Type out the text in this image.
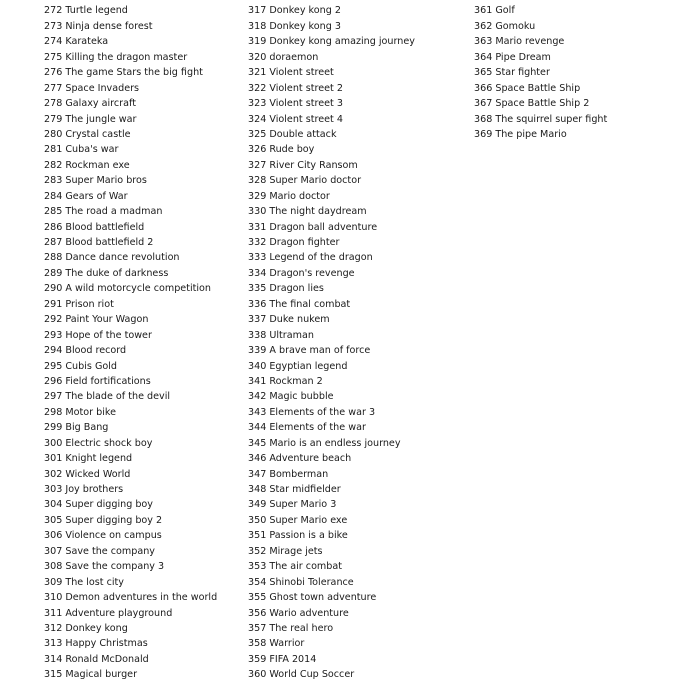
272 Turtle legend
273 Ninja dense forest
274 Karateka
275 Killing the dragon master
276 The game Stars the big fight
277 Space Invaders
278 Galaxy aircraft
279 The jungle war
280 Crystal castle
281 Cuba's war
282 Rockman exe
283 Super Mario bros
284 Gears of War
285 The road a madman
286 Blood battlefield
287 Blood battlefield 2
288 Dance dance revolution
289 The duke of darkness
290 A wild motorcycle competition
291 Prison riot
292 Paint Your Wagon
293 Hope of the tower
294 Blood record
295 Cubis Gold
296 Field fortifications
297 The blade of the devil
298 Motor bike
299 Big Bang
300 Electric shock boy
301 Knight legend
302 Wicked World
303 Joy brothers
304 Super digging boy
305 Super digging boy 2
306 Violence on campus
307 Save the company
308 Save the company 3
309 The lost city
310 Demon adventures in the world
311 Adventure playground
312 Donkey kong
313 Happy Christmas
314 Ronald McDonald
315 Magical burger
317 Donkey kong 2
318 Donkey kong 3
319 Donkey kong amazing journey
320 doraemon
321 Violent street
322 Violent street 2
323 Violent street 3
324 Violent street 4
325 Double attack
326 Rude boy
327 River City Ransom
328 Super Mario doctor
329 Mario doctor
330 The night daydream
331 Dragon ball adventure
332 Dragon fighter
333 Legend of the dragon
334 Dragon's revenge
335 Dragon lies
336 The final combat
337 Duke nukem
338 Ultraman
339 A brave man of force
340 Egyptian legend
341 Rockman 2
342 Magic bubble
343 Elements of the war 3
344 Elements of the war
345 Mario is an endless journey
346 Adventure beach
347 Bomberman
348 Star midfielder
349 Super Mario 3
350 Super Mario exe
351 Passion is a bike
352 Mirage jets
353 The air combat
354 Shinobi Tolerance
355 Ghost town adventure
356 Wario adventure
357 The real hero
358 Warrior
359 FIFA 2014
360 World Cup Soccer
361 Golf
362 Gomoku
363 Mario revenge
364 Pipe Dream
365 Star fighter
366 Space Battle Ship
367 Space Battle Ship 2
368 The squirrel super fight
369 The pipe Mario
